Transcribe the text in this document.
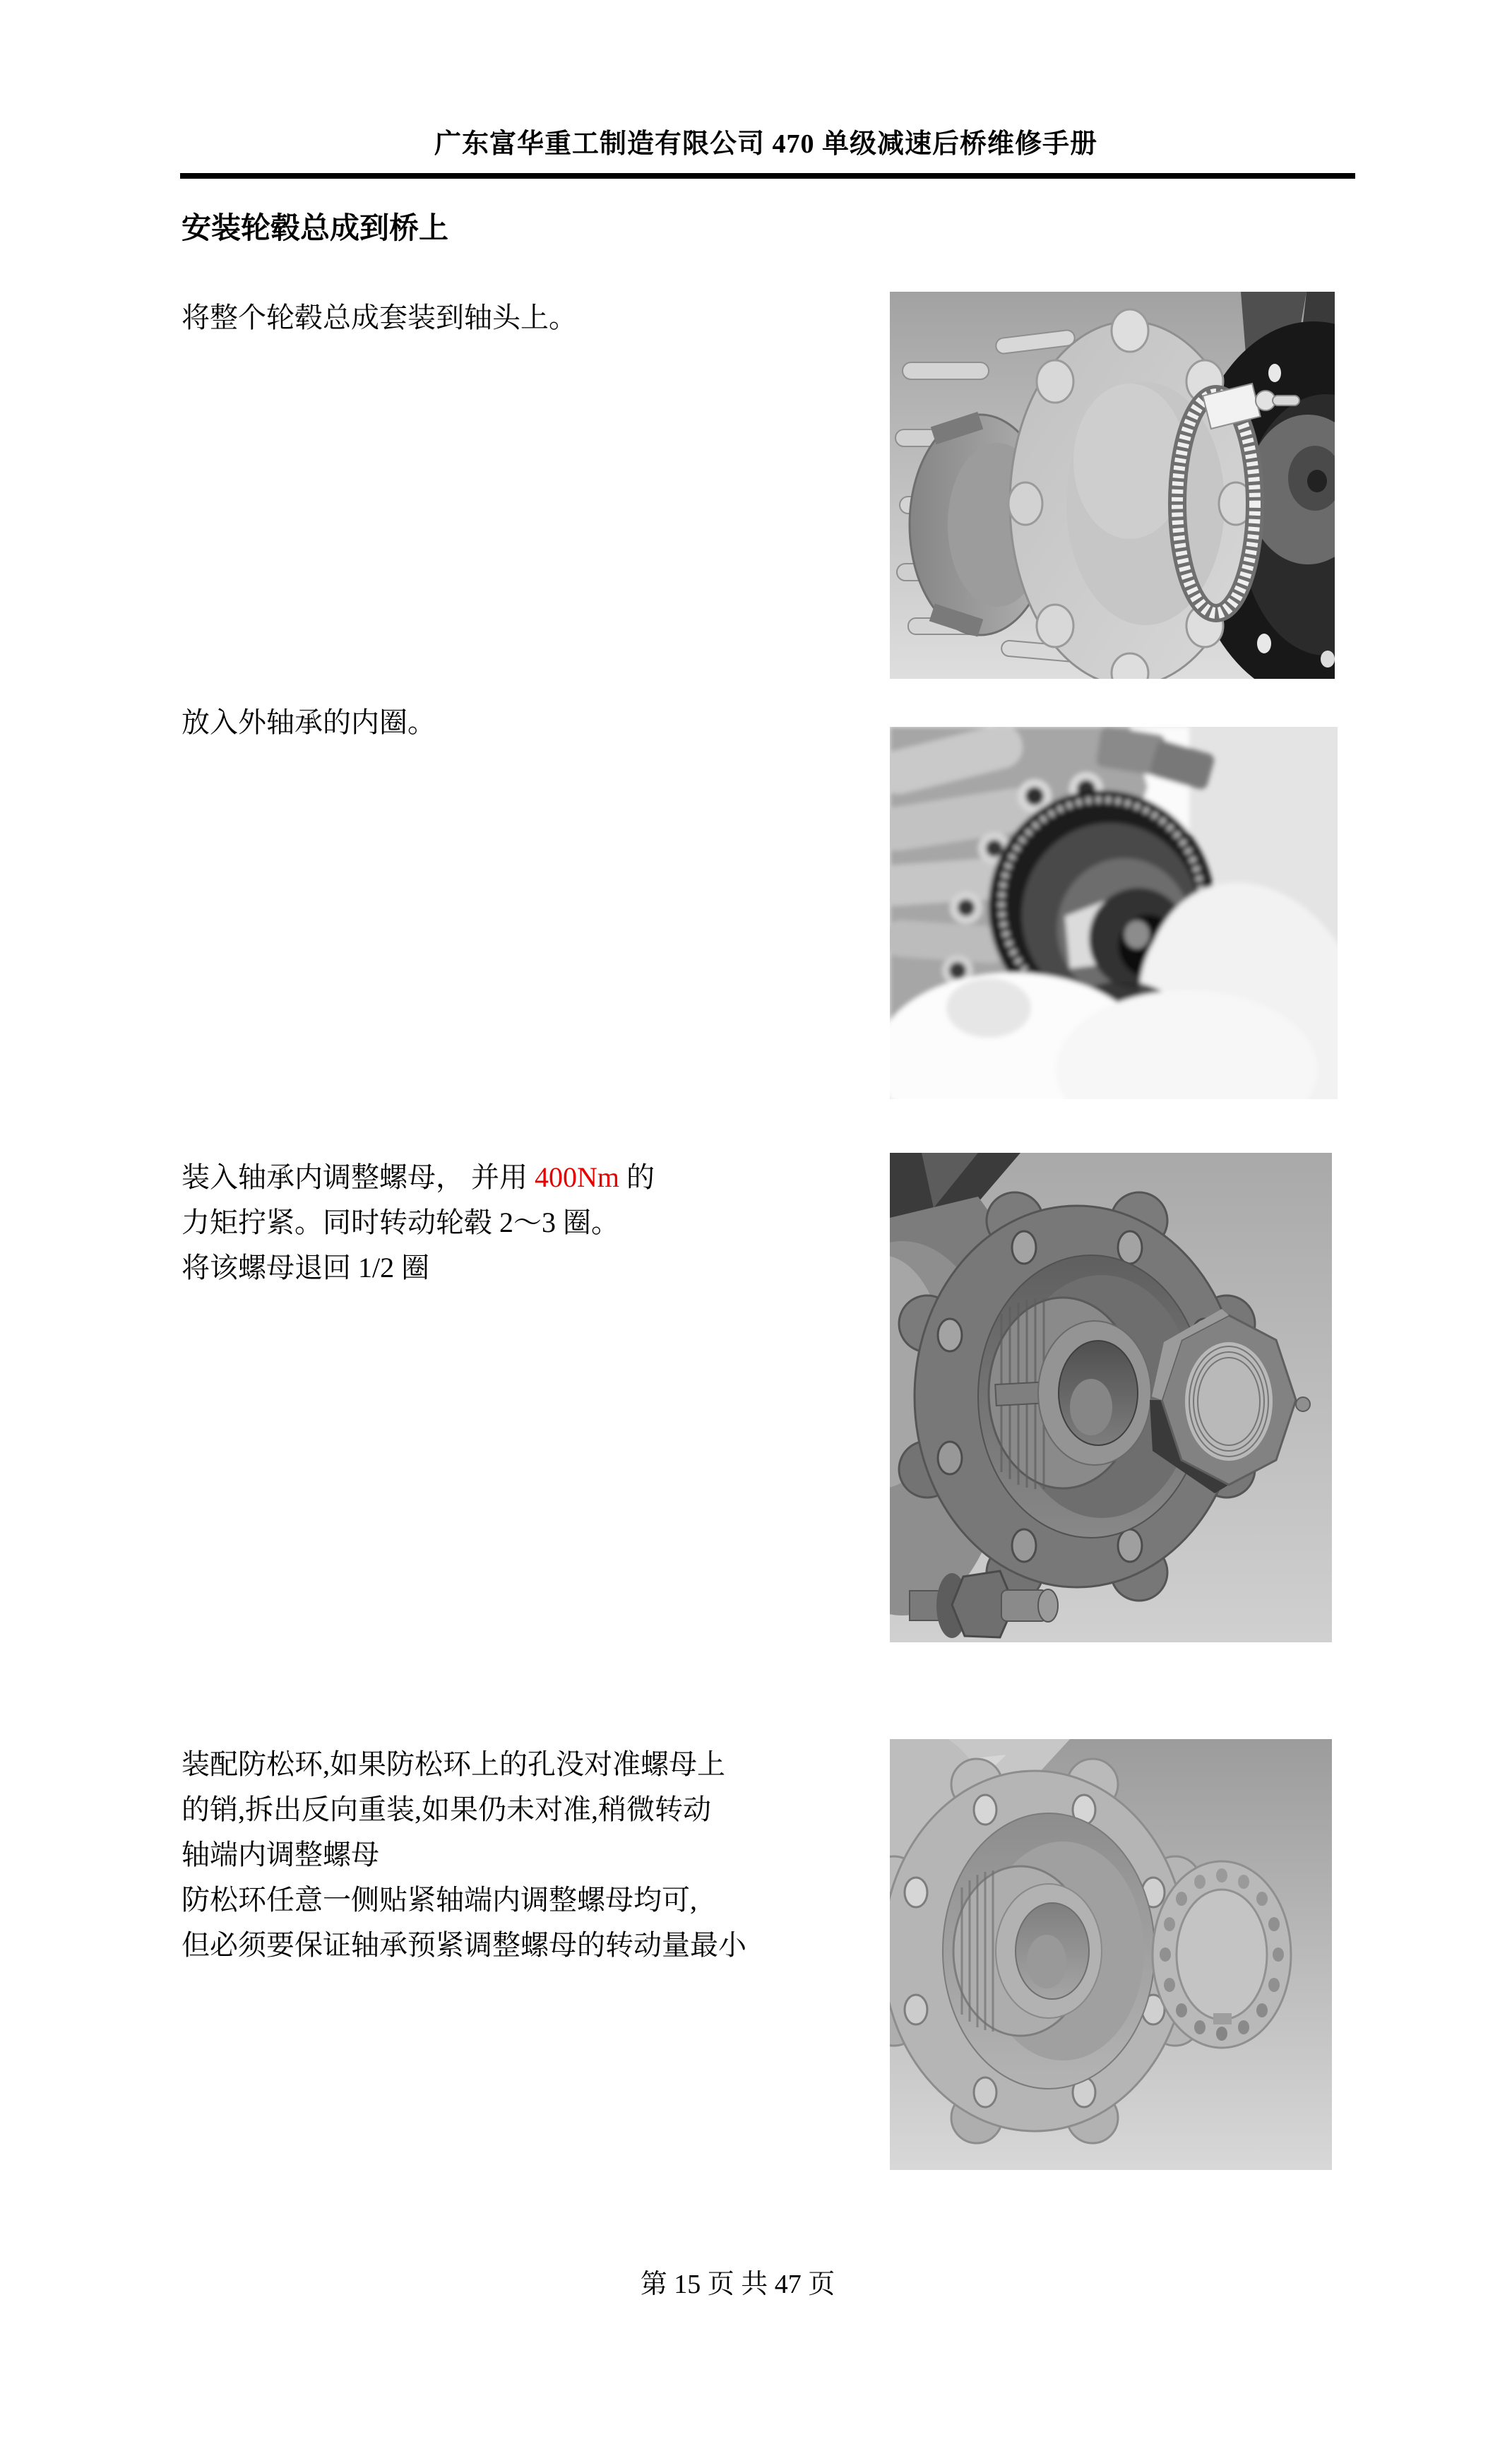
广东富华重工制造有限公司 470 单级减速后桥维修手册
安装轮毂总成到桥上
将整个轮毂总成套装到轴头上。
放入外轴承的内圈。
装入轴承内调整螺母， 并用 400Nm 的
力矩拧紧。同时转动轮毂 2～3 圈。
将该螺母退回 1/2 圈
装配防松环,如果防松环上的孔没对准螺母上
的销,拆出反向重装,如果仍未对准,稍微转动
轴端内调整螺母
防松环任意一侧贴紧轴端内调整螺母均可,
但必须要保证轴承预紧调整螺母的转动量最小
第 15 页 共 47 页
